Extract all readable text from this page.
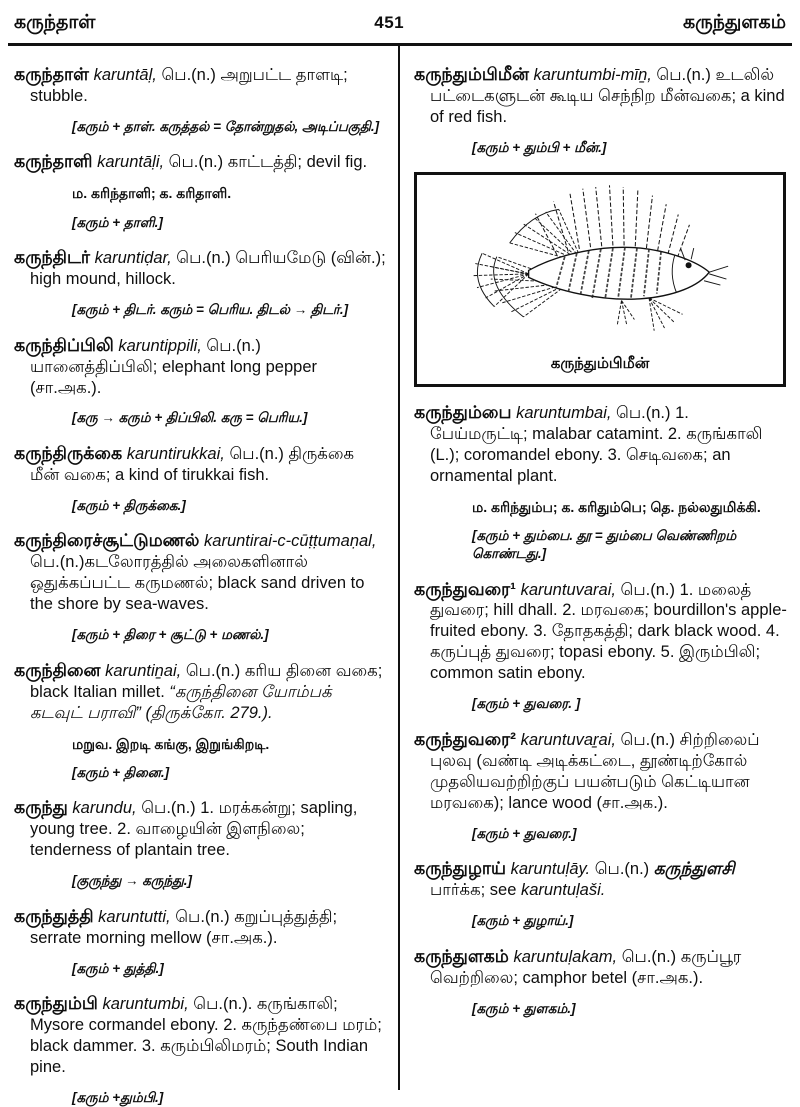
கருந்தாள்	451	கருந்துளகம்
கருந்தாள் karuntāḷ, பெ.(n.) அறுபட்ட தாளடி; stubble.
[கரும் + தாள். கருத்தல் = தோன்றுதல், அடிப்பகுதி.]
கருந்தாளி karuntāḷi, பெ.(n.) காட்டத்தி; devil fig.
ம. கரிந்தாளி; க. கரிதாளி.
[கரும் + தாளி.]
கருந்திடர் karuntiḍar, பெ.(n.) பெரியமேடு (வின்.); high mound, hillock.
[கரும் + திடர். கரும் = பெரிய. திடல் → திடர்.]
கருந்திப்பிலி karuntippili, பெ.(n.) யானைத்திப்பிலி; elephant long pepper (சா.அக.).
[கரு → கரும் + திப்பிலி. கரு = பெரிய.]
கருந்திருக்கை karuntirukkai, பெ.(n.) திருக்கை மீன் வகை; a kind of tirukkai fish.
[கரும் + திருக்கை.]
கருந்திரைச்சூட்டுமணல் karuntirai-c-cūṭṭumaṇal, பெ.(n.)கடலோரத்தில் அலைகளினால் ஒதுக்கப்பட்ட கருமணல்; black sand driven to the shore by sea-waves.
[கரும் + திரை + சூட்டு + மணல்.]
கருந்தினை karuntiṉai, பெ.(n.) கரிய தினை வகை; black Italian millet. “கருந்தினை யோம்பக் கடவுட் பராவி” (திருக்கோ. 279.).
மறுவ. இறடி கங்கு, இறுங்கிறடி.
[கரும் + தினை.]
கருந்து karundu, பெ.(n.) 1. மரக்கன்று; sapling, young tree. 2. வாழையின் இளநிலை; tenderness of plantain tree.
[குருந்து → கருந்து.]
கருந்துத்தி karuntutti, பெ.(n.) கறுப்புத்துத்தி; serrate morning mellow (சா.அக.).
[கரும் + துத்தி.]
கருந்தும்பி karuntumbi, பெ.(n.). கருங்காலி; Mysore cormandel ebony. 2. கருந்தண்பை மரம்; black dammer. 3. கரும்பிலிமரம்; South Indian pine.
[கரும் +தும்பி.]
கருந்தும்பிமீன் karuntumbi-mīṉ, பெ.(n.) உடலில் பட்டைகளுடன் கூடிய செந்நிற மீன்வகை; a kind of red fish.
[கரும் + தும்பி + மீன்.]
கருந்தும்பிமீன்
கருந்தும்பை karuntumbai, பெ.(n.) 1. பேய்மருட்டி; malabar catamint. 2. கருங்காலி (L.); coromandel ebony. 3. செடிவகை; an ornamental plant.
ம. கரிந்தும்ப; க. கரிதும்பெ; தெ. நல்லதுமிக்கி.
[கரும் + தும்பை. தூ = தும்பை வெண்ணிறம் கொண்டது.]
கருந்துவரை¹ karuntuvarai, பெ.(n.) 1. மலைத் துவரை; hill dhall. 2. மரவகை; bourdillon's apple-fruited ebony. 3. தோதகத்தி; dark black wood. 4. கருப்புத் துவரை; topasi ebony. 5. இரும்பிலி; common satin ebony.
[கரும் + துவரை. ]
கருந்துவரை² karuntuvaṟai, பெ.(n.) சிற்றிலைப் புலவு (வண்டி அடிக்கட்டை, தூண்டிற்கோல் முதலியவற்றிற்குப் பயன்படும் கெட்டியான மரவகை); lance wood (சா.அக.).
[கரும் + துவரை.]
கருந்துழாய் karuntuḷāy. பெ.(n.) கருந்துளசி பார்க்க; see karuntuḷaši.
[கரும் + துழாய்.]
கருந்துளகம் karuntuḷakam, பெ.(n.) கருப்பூர வெற்றிலை; camphor betel (சா.அக.).
[கரும் + துளகம்.]
